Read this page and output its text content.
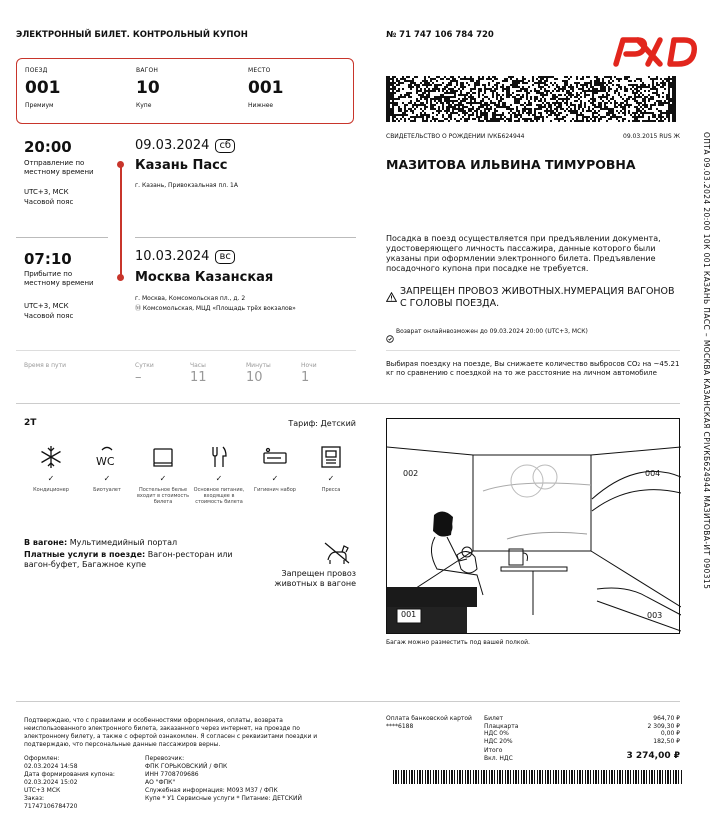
ЭЛЕКТРОННЫЙ БИЛЕТ. КОНТРОЛЬНЫЙ КУПОН	№ 71 747 106 784 720
ПОЕЗД
001
Премиум
ВАГОН
10
Купе
МЕСТО
001
Нижнее
20:00
Отправление по местному времени
UTC+3, МСК
Часовой пояс
09.03.2024 сб
Казань Пасс
г. Казань, Привокзальная пл. 1А
07:10
Прибытие по местному времени
UTC+3, МСК
Часовой пояс
10.03.2024 вс
Москва Казанская
г. Москва, Комсомольская пл., д. 2
Ⓜ Комсомольская, МЦД «Площадь трёх вокзалов»
Время в пути	Сутки
–
Часы
11
Минуты
10
Ночи
1
СВИДЕТЕЛЬСТВО О РОЖДЕНИИ IVКБ624944	09.03.2015 RUS Ж
МАЗИТОВА ИЛЬВИНА ТИМУРОВНА
Посадка в поезд осуществляется при предъявлении документа, удостоверяющего личность пассажира, данные которого были указаны при оформлении электронного билета. Предъявление посадочного купона при посадке не требуется.
ЗАПРЕЩЕН ПРОВОЗ ЖИВОТНЫХ.НУМЕРАЦИЯ ВАГОНОВ С ГОЛОВЫ ПОЕЗДА.
Возврат онлайнвозможен до 09.03.2024 20:00 (UTC+3, МСК)
Выбирая поездку на поезде, Вы снижаете количество выбросов CO₂ на ~45.21 кг по сравнению с поездкой на то же расстояние на личном автомобиле
2Т	Тариф: Детский
✓
Кондиционер
WC
✓
Биотуалет
✓
Постельное белье входит в стоимость билета
✓
Основное питание, входящее в стоимость билета
✓
Гигиенич набор
✓
Пресса
В вагоне: Мультимедийный портал
Платные услуги в поезде: Вагон-ресторан или вагон-буфет, Багажное купе
Запрещен провоз животных в вагоне
002	004
001	003
Багаж можно разместить под вашей полкой.
ОПТА 09.03.2024 20:00 10К 001 КАЗАНЬ ПАСС – МОСКВА КАЗАНСКАЯ СРIVКБ624944 МАЗИТОВА-ИТ 090315
Подтверждаю, что с правилами и особенностями оформления, оплаты, возврата неиспользованного электронного билета, заказанного через интернет, на проезде по электронному билету, а также с офертой ознакомлен. Я согласен с реквизитами поездки и подтверждаю, что персональные данные пассажиров верны.
Оформлен:
02.03.2024 14:58
Дата формирования купона:
02.03.2024 15:02
UTC+3 МСК
Заказ:
71747106784720
Перевозчик:
ФПК ГОРЬКОВСКИЙ / ФПК
ИНН 7708709686
АО "ФПК"
Служебная информация: М093 М37 / ФПК
Купе * У1 Сервисные услуги * Питание: ДЕТСКИЙ
Оплата банковской картой
****6188
Билет	964,70 ₽
Плацкарта	2 309,30 ₽
НДС 0%	0,00 ₽
НДС 20%	182,50 ₽
Итого
Вкл. НДС	3 274,00 ₽
